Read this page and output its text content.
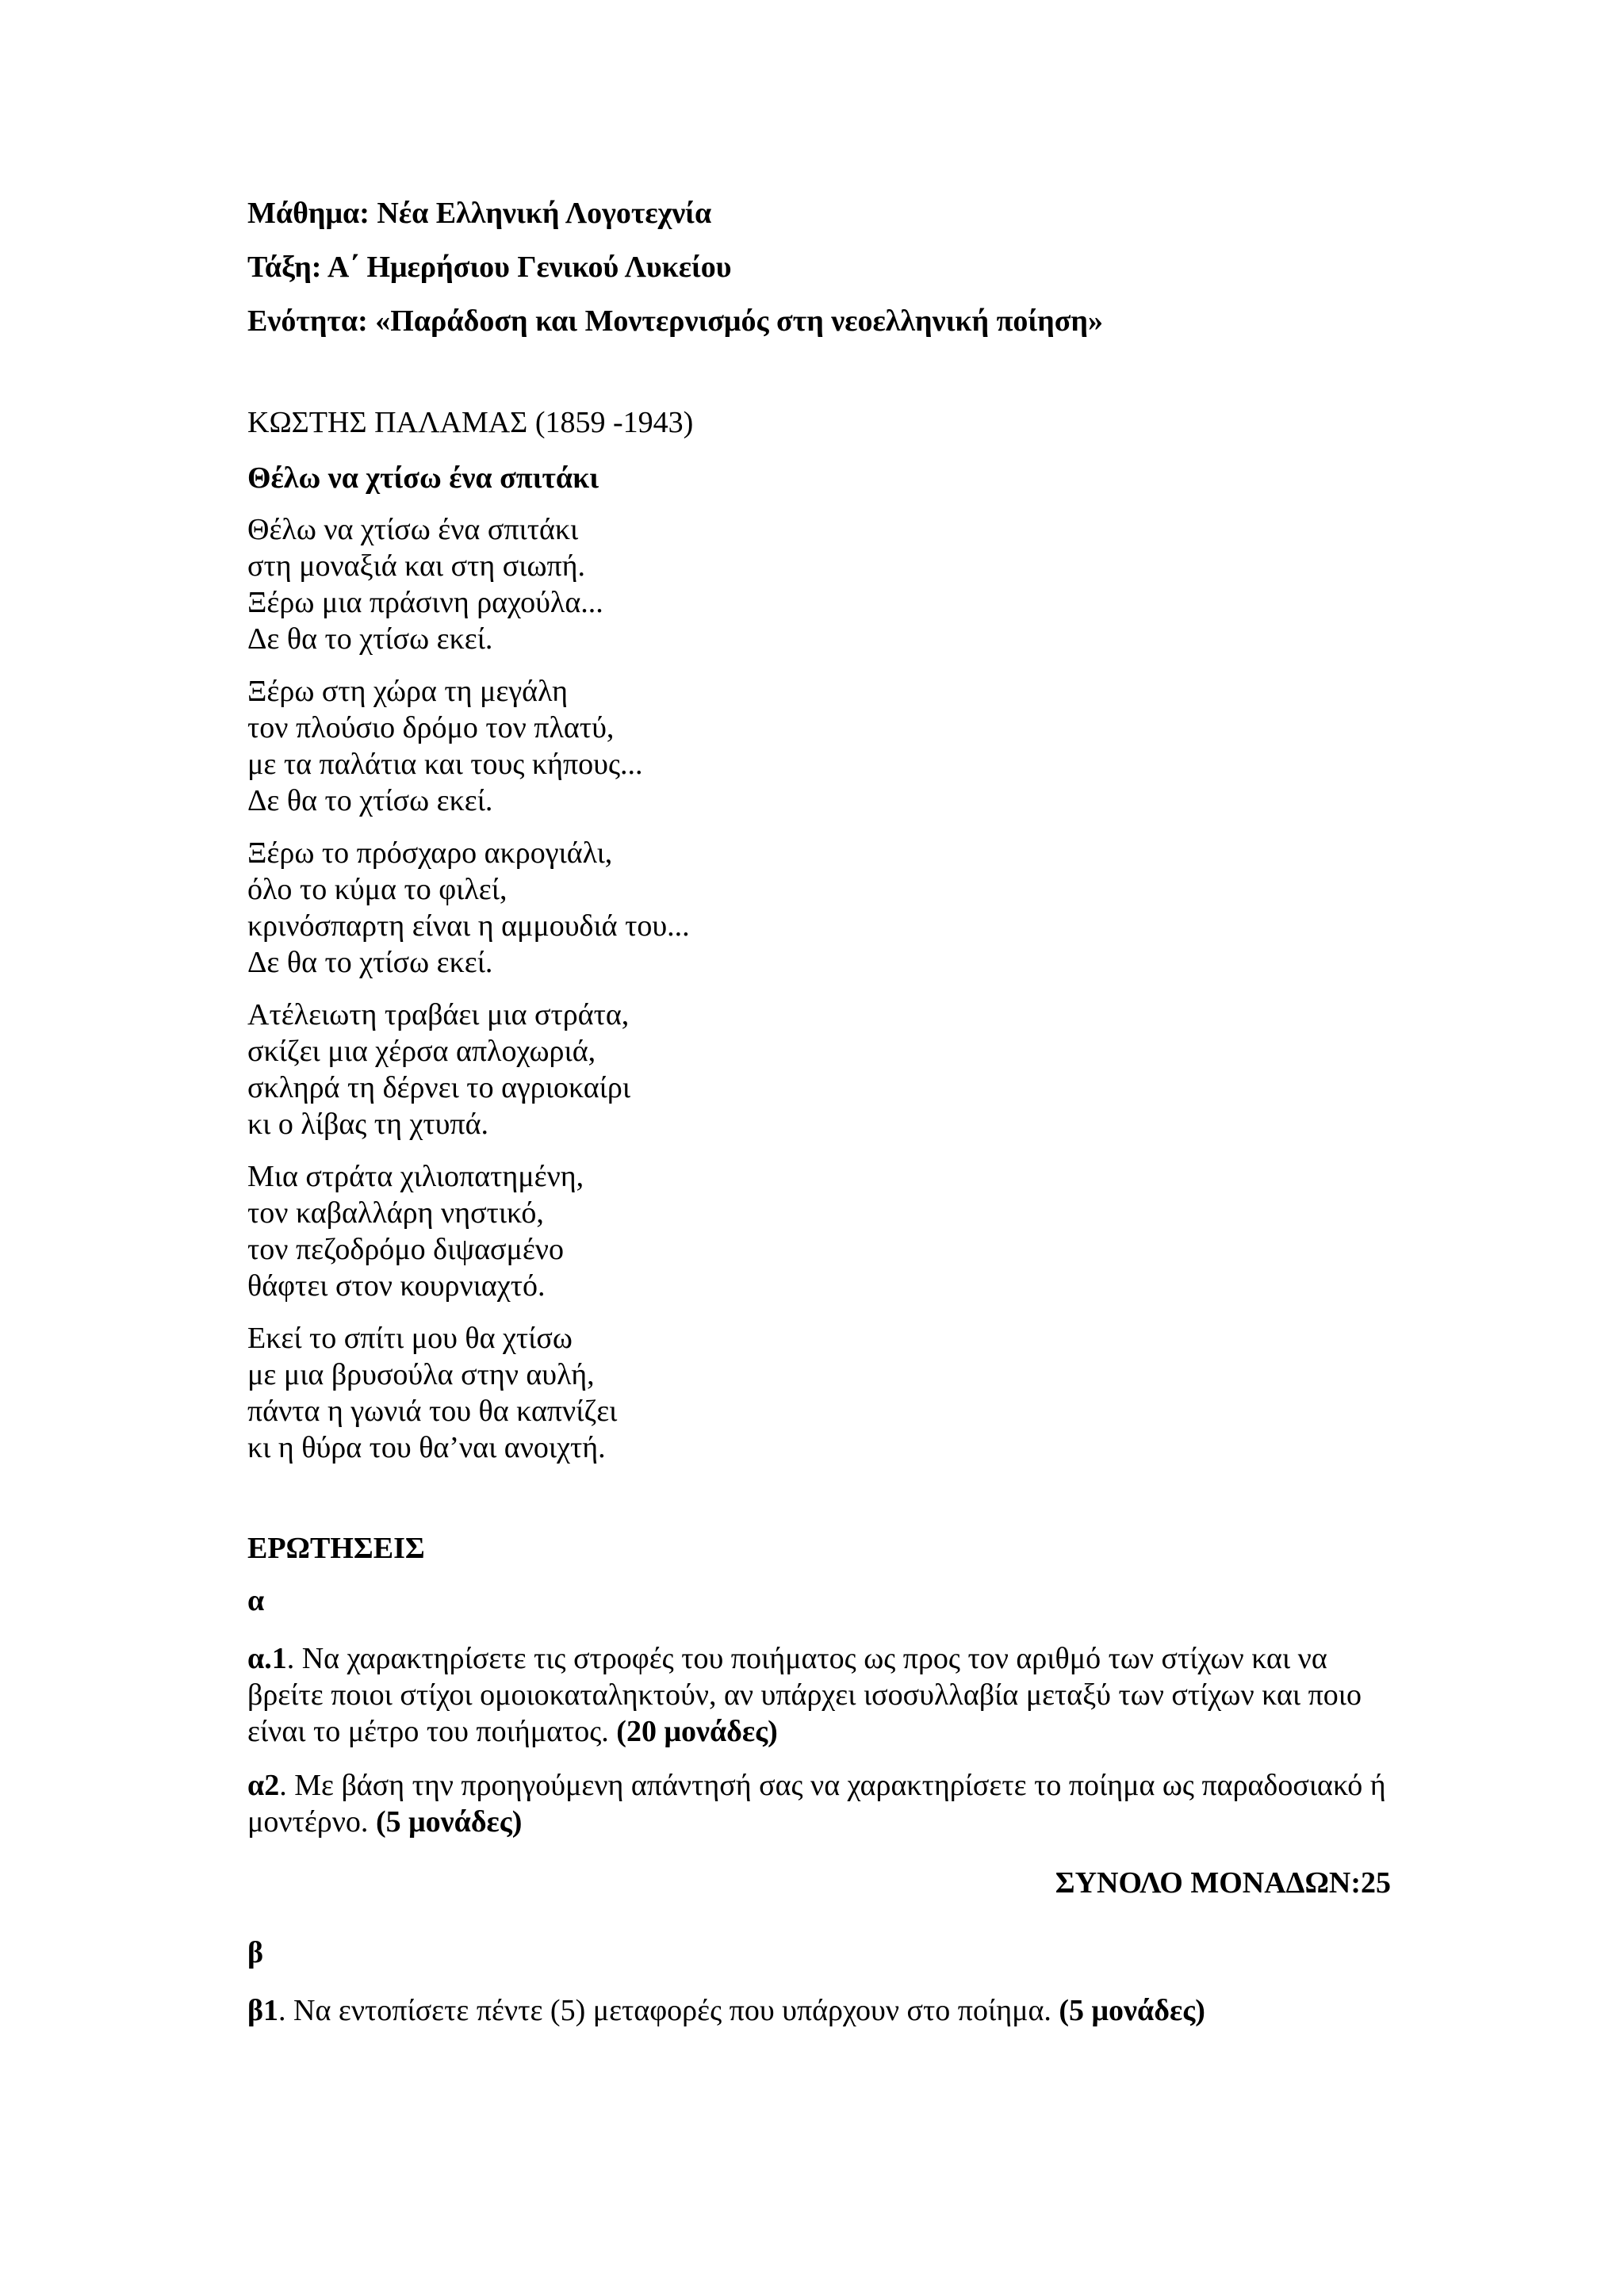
Μάθημα: Νέα Ελληνική Λογοτεχνία
Τάξη: Α΄ Ημερήσιου Γενικού Λυκείου
Ενότητα: «Παράδοση και Μοντερνισμός στη νεοελληνική ποίηση»
ΚΩΣΤΗΣ ΠΑΛΑΜΑΣ (1859 -1943)
Θέλω να χτίσω ένα σπιτάκι
Θέλω να χτίσω ένα σπιτάκι
στη μοναξιά και στη σιωπή.
Ξέρω μια πράσινη ραχούλα...
Δε θα το χτίσω εκεί.
Ξέρω στη χώρα τη μεγάλη
τον πλούσιο δρόμο τον πλατύ,
με τα παλάτια και τους κήπους...
Δε θα το χτίσω εκεί.
Ξέρω το πρόσχαρο ακρογιάλι,
όλο το κύμα το φιλεί,
κρινόσπαρτη είναι η αμμουδιά του...
Δε θα το χτίσω εκεί.
Ατέλειωτη τραβάει μια στράτα,
σκίζει μια χέρσα απλοχωριά,
σκληρά τη δέρνει το αγριοκαίρι
κι ο λίβας τη χτυπά.
Μια στράτα χιλιοπατημένη,
τον καβαλλάρη νηστικό,
τον πεζοδρόμο διψασμένο
θάφτει στον κουρνιαχτό.
Εκεί το σπίτι μου θα χτίσω
με μια βρυσούλα στην αυλή,
πάντα η γωνιά του θα καπνίζει
κι η θύρα του θα’ναι ανοιχτή.
ΕΡΩΤΗΣΕΙΣ
α
α.1. Να χαρακτηρίσετε τις στροφές του ποιήματος ως προς τον αριθμό των στίχων και να βρείτε ποιοι στίχοι ομοιοκαταληκτούν, αν υπάρχει ισοσυλλαβία μεταξύ των στίχων και ποιο είναι το μέτρο του ποιήματος. (20 μονάδες)
α2. Με βάση την προηγούμενη απάντησή σας να χαρακτηρίσετε το ποίημα ως παραδοσιακό ή μοντέρνο. (5 μονάδες)
ΣΥΝΟΛΟ ΜΟΝΑΔΩΝ:25
β
β1. Να εντοπίσετε πέντε (5) μεταφορές που υπάρχουν στο ποίημα. (5 μονάδες)
